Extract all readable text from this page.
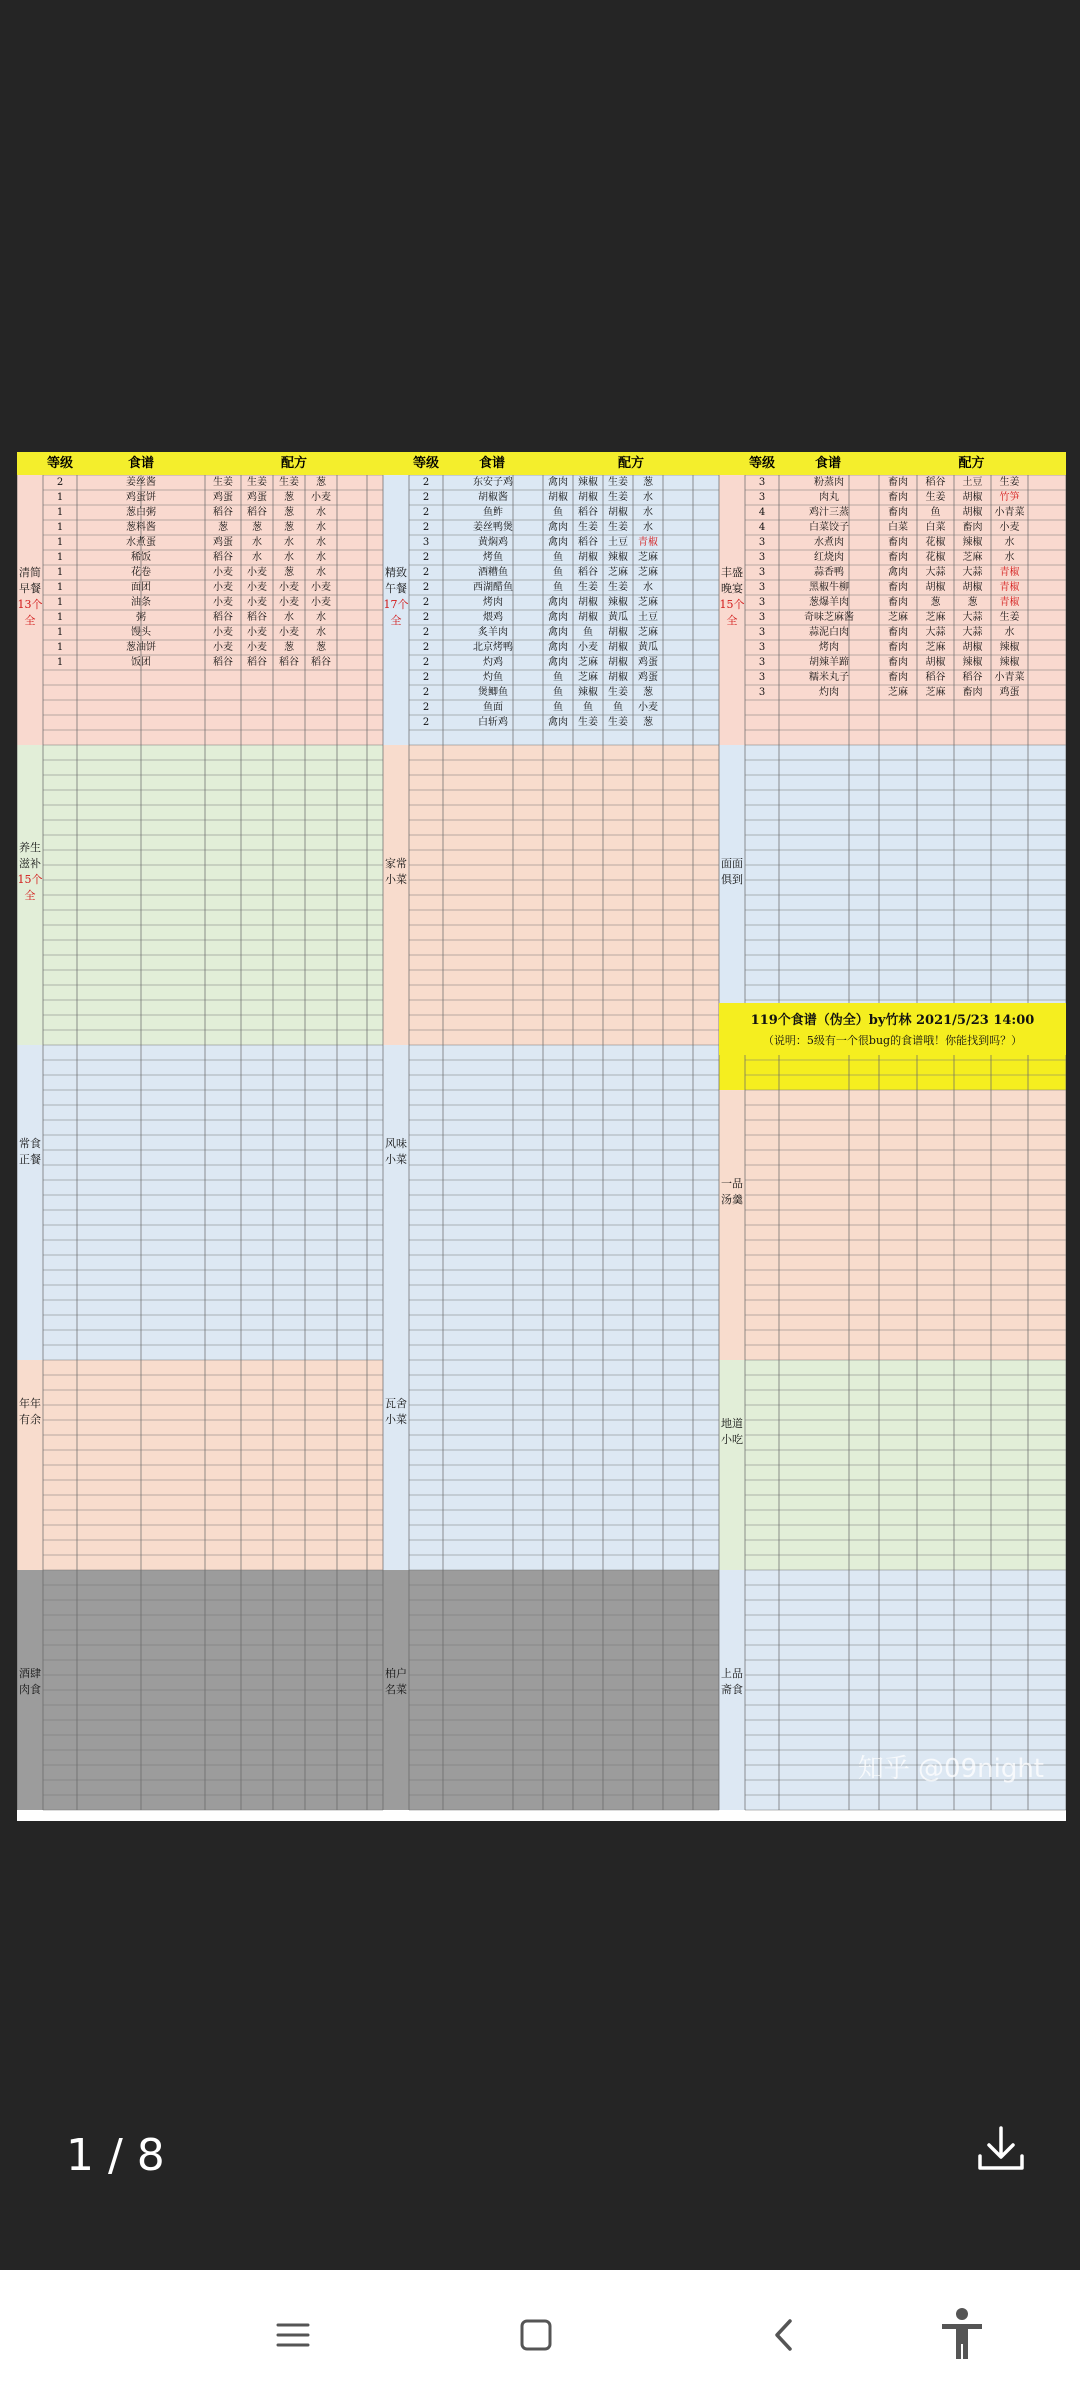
等级	食谱	配方	等级	食谱	配方	等级	食谱	配方
2	姜丝酱	生姜	生姜	生姜	葱
1	鸡蛋饼	鸡蛋	鸡蛋	葱	小麦
1	葱白粥	稻谷	稻谷	葱	水
1	葱料酱	葱	葱	葱	水
1	水煮蛋	鸡蛋	水	水	水
1	稀饭	稻谷	水	水	水
1	花卷	小麦	小麦	葱	水
1	面团	小麦	小麦	小麦	小麦
1	油条	小麦	小麦	小麦	小麦
1	粥	稻谷	稻谷	水	水
1	馒头	小麦	小麦	小麦	水
1	葱油饼	小麦	小麦	葱	葱
1	饭团	稻谷	稻谷	稻谷	稻谷
2	东安子鸡	禽肉	辣椒	生姜	葱
2	胡椒酱	胡椒	胡椒	生姜	水
2	鱼鲊	鱼	稻谷	胡椒	水
2	姜丝鸭煲	禽肉	生姜	生姜	水
3	黄焖鸡	禽肉	稻谷	土豆	青椒
2	烤鱼	鱼	胡椒	辣椒	芝麻
2	酒糟鱼	鱼	稻谷	芝麻	芝麻
2	西湖醋鱼	鱼	生姜	生姜	水
2	烤肉	禽肉	胡椒	辣椒	芝麻
2	煨鸡	禽肉	胡椒	黄瓜	土豆
2	炙羊肉	禽肉	鱼	胡椒	芝麻
2	北京烤鸭	禽肉	小麦	胡椒	黄瓜
2	灼鸡	禽肉	芝麻	胡椒	鸡蛋
2	灼鱼	鱼	芝麻	胡椒	鸡蛋
2	煲鲫鱼	鱼	辣椒	生姜	葱
2	鱼面	鱼	鱼	鱼	小麦
2	白斩鸡	禽肉	生姜	生姜	葱
3	粉蒸肉	畜肉	稻谷	土豆	生姜
3	肉丸	畜肉	生姜	胡椒	竹笋
4	鸡汁三蒸	畜肉	鱼	胡椒	小青菜
4	白菜饺子	白菜	白菜	畜肉	小麦
3	水煮肉	畜肉	花椒	辣椒	水
3	红烧肉	畜肉	花椒	芝麻	水
3	蒜香鸭	禽肉	大蒜	大蒜	青椒
3	黑椒牛柳	畜肉	胡椒	胡椒	青椒
3	葱爆羊肉	畜肉	葱	葱	青椒
3	奇味芝麻酱	芝麻	芝麻	大蒜	生姜
3	蒜泥白肉	畜肉	大蒜	大蒜	水
3	烤肉	畜肉	芝麻	胡椒	辣椒
3	胡辣羊蹄	畜肉	胡椒	辣椒	辣椒
3	糯米丸子	畜肉	稻谷	稻谷	小青菜
3	灼肉	芝麻	芝麻	畜肉	鸡蛋
清简早餐
13个全
养生滋补
15个全
常食正餐
年年有余
酒肆肉食
精致午餐
17个全
家常小菜
风味小菜
瓦舍小菜
柏户名菜
丰盛晚宴
15个全
面面俱到
一品汤羹
地道小吃
上品斋食
119个食谱（伪全）by竹林 2021/5/23 14:00
（说明：5级有一个很bug的食谱哦！你能找到吗？）
知乎 @09night
1 / 8
